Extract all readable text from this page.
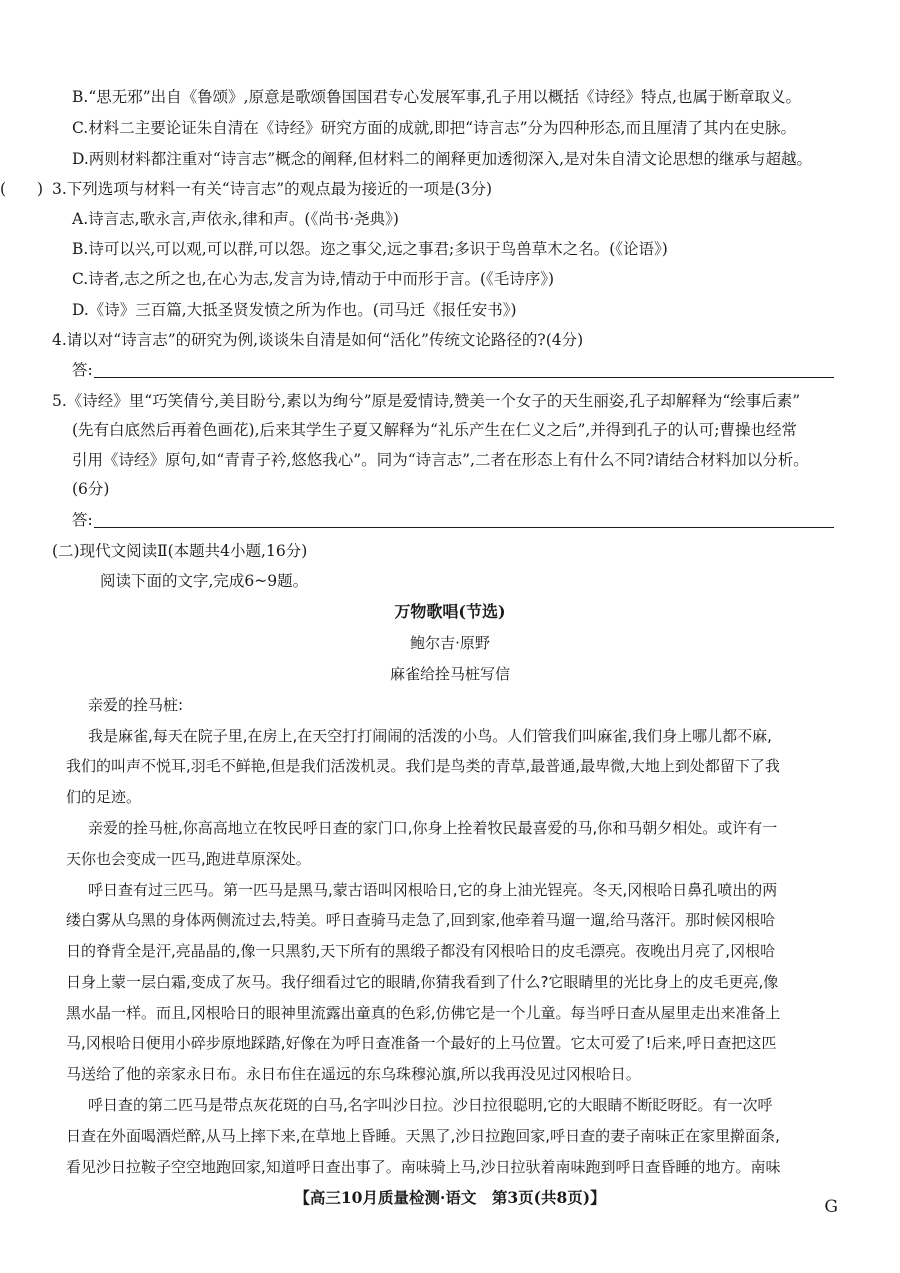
B.“思无邪”出自《鲁颂》,原意是歌颂鲁国国君专心发展军事,孔子用以概括《诗经》特点,也属于断章取义。
C.材料二主要论证朱自清在《诗经》研究方面的成就,即把“诗言志”分为四种形态,而且厘清了其内在史脉。
D.两则材料都注重对“诗言志”概念的阐释,但材料二的阐释更加透彻深入,是对朱自清文论思想的继承与超越。
3.下列选项与材料一有关“诗言志”的观点最为接近的一项是(3分)
(　　)
A.诗言志,歌永言,声依永,律和声。(《尚书·尧典》)
B.诗可以兴,可以观,可以群,可以怨。迩之事父,远之事君;多识于鸟兽草木之名。(《论语》)
C.诗者,志之所之也,在心为志,发言为诗,情动于中而形于言。(《毛诗序》)
D.《诗》三百篇,大抵圣贤发愤之所为作也。(司马迁《报任安书》)
4.请以对“诗言志”的研究为例,谈谈朱自清是如何“活化”传统文论路径的?(4分)
答:
5.《诗经》里“巧笑倩兮,美目盼兮,素以为绚兮”原是爱情诗,赞美一个女子的天生丽姿,孔子却解释为“绘事后素”
(先有白底然后再着色画花),后来其学生子夏又解释为“礼乐产生在仁义之后”,并得到孔子的认可;曹操也经常
引用《诗经》原句,如“青青子衿,悠悠我心”。同为“诗言志”,二者在形态上有什么不同?请结合材料加以分析。
(6分)
答:
(二)现代文阅读Ⅱ(本题共4小题,16分)
阅读下面的文字,完成6~9题。
万物歌唱(节选)
鲍尔吉·原野
麻雀给拴马桩写信
亲爱的拴马桩:
我是麻雀,每天在院子里,在房上,在天空打打闹闹的活泼的小鸟。人们管我们叫麻雀,我们身上哪儿都不麻,
我们的叫声不悦耳,羽毛不鲜艳,但是我们活泼机灵。我们是鸟类的青草,最普通,最卑微,大地上到处都留下了我
们的足迹。
亲爱的拴马桩,你高高地立在牧民呼日查的家门口,你身上拴着牧民最喜爱的马,你和马朝夕相处。或许有一
天你也会变成一匹马,跑进草原深处。
呼日查有过三匹马。第一匹马是黑马,蒙古语叫冈根哈日,它的身上油光锃亮。冬天,冈根哈日鼻孔喷出的两
缕白雾从乌黑的身体两侧流过去,特美。呼日查骑马走急了,回到家,他牵着马遛一遛,给马落汗。那时候冈根哈
日的脊背全是汗,亮晶晶的,像一只黑豹,天下所有的黑缎子都没有冈根哈日的皮毛漂亮。夜晚出月亮了,冈根哈
日身上蒙一层白霜,变成了灰马。我仔细看过它的眼睛,你猜我看到了什么?它眼睛里的光比身上的皮毛更亮,像
黑水晶一样。而且,冈根哈日的眼神里流露出童真的色彩,仿佛它是一个儿童。每当呼日查从屋里走出来准备上
马,冈根哈日便用小碎步原地踩踏,好像在为呼日查准备一个最好的上马位置。它太可爱了!后来,呼日查把这匹
马送给了他的亲家永日布。永日布住在遥远的东乌珠穆沁旗,所以我再没见过冈根哈日。
呼日查的第二匹马是带点灰花斑的白马,名字叫沙日拉。沙日拉很聪明,它的大眼睛不断眨呀眨。有一次呼
日查在外面喝酒烂醉,从马上摔下来,在草地上昏睡。天黑了,沙日拉跑回家,呼日查的妻子南味正在家里擀面条,
看见沙日拉鞍子空空地跑回家,知道呼日查出事了。南味骑上马,沙日拉驮着南味跑到呼日查昏睡的地方。南味
【高三10月质量检测·语文　第3页(共8页)】	G
